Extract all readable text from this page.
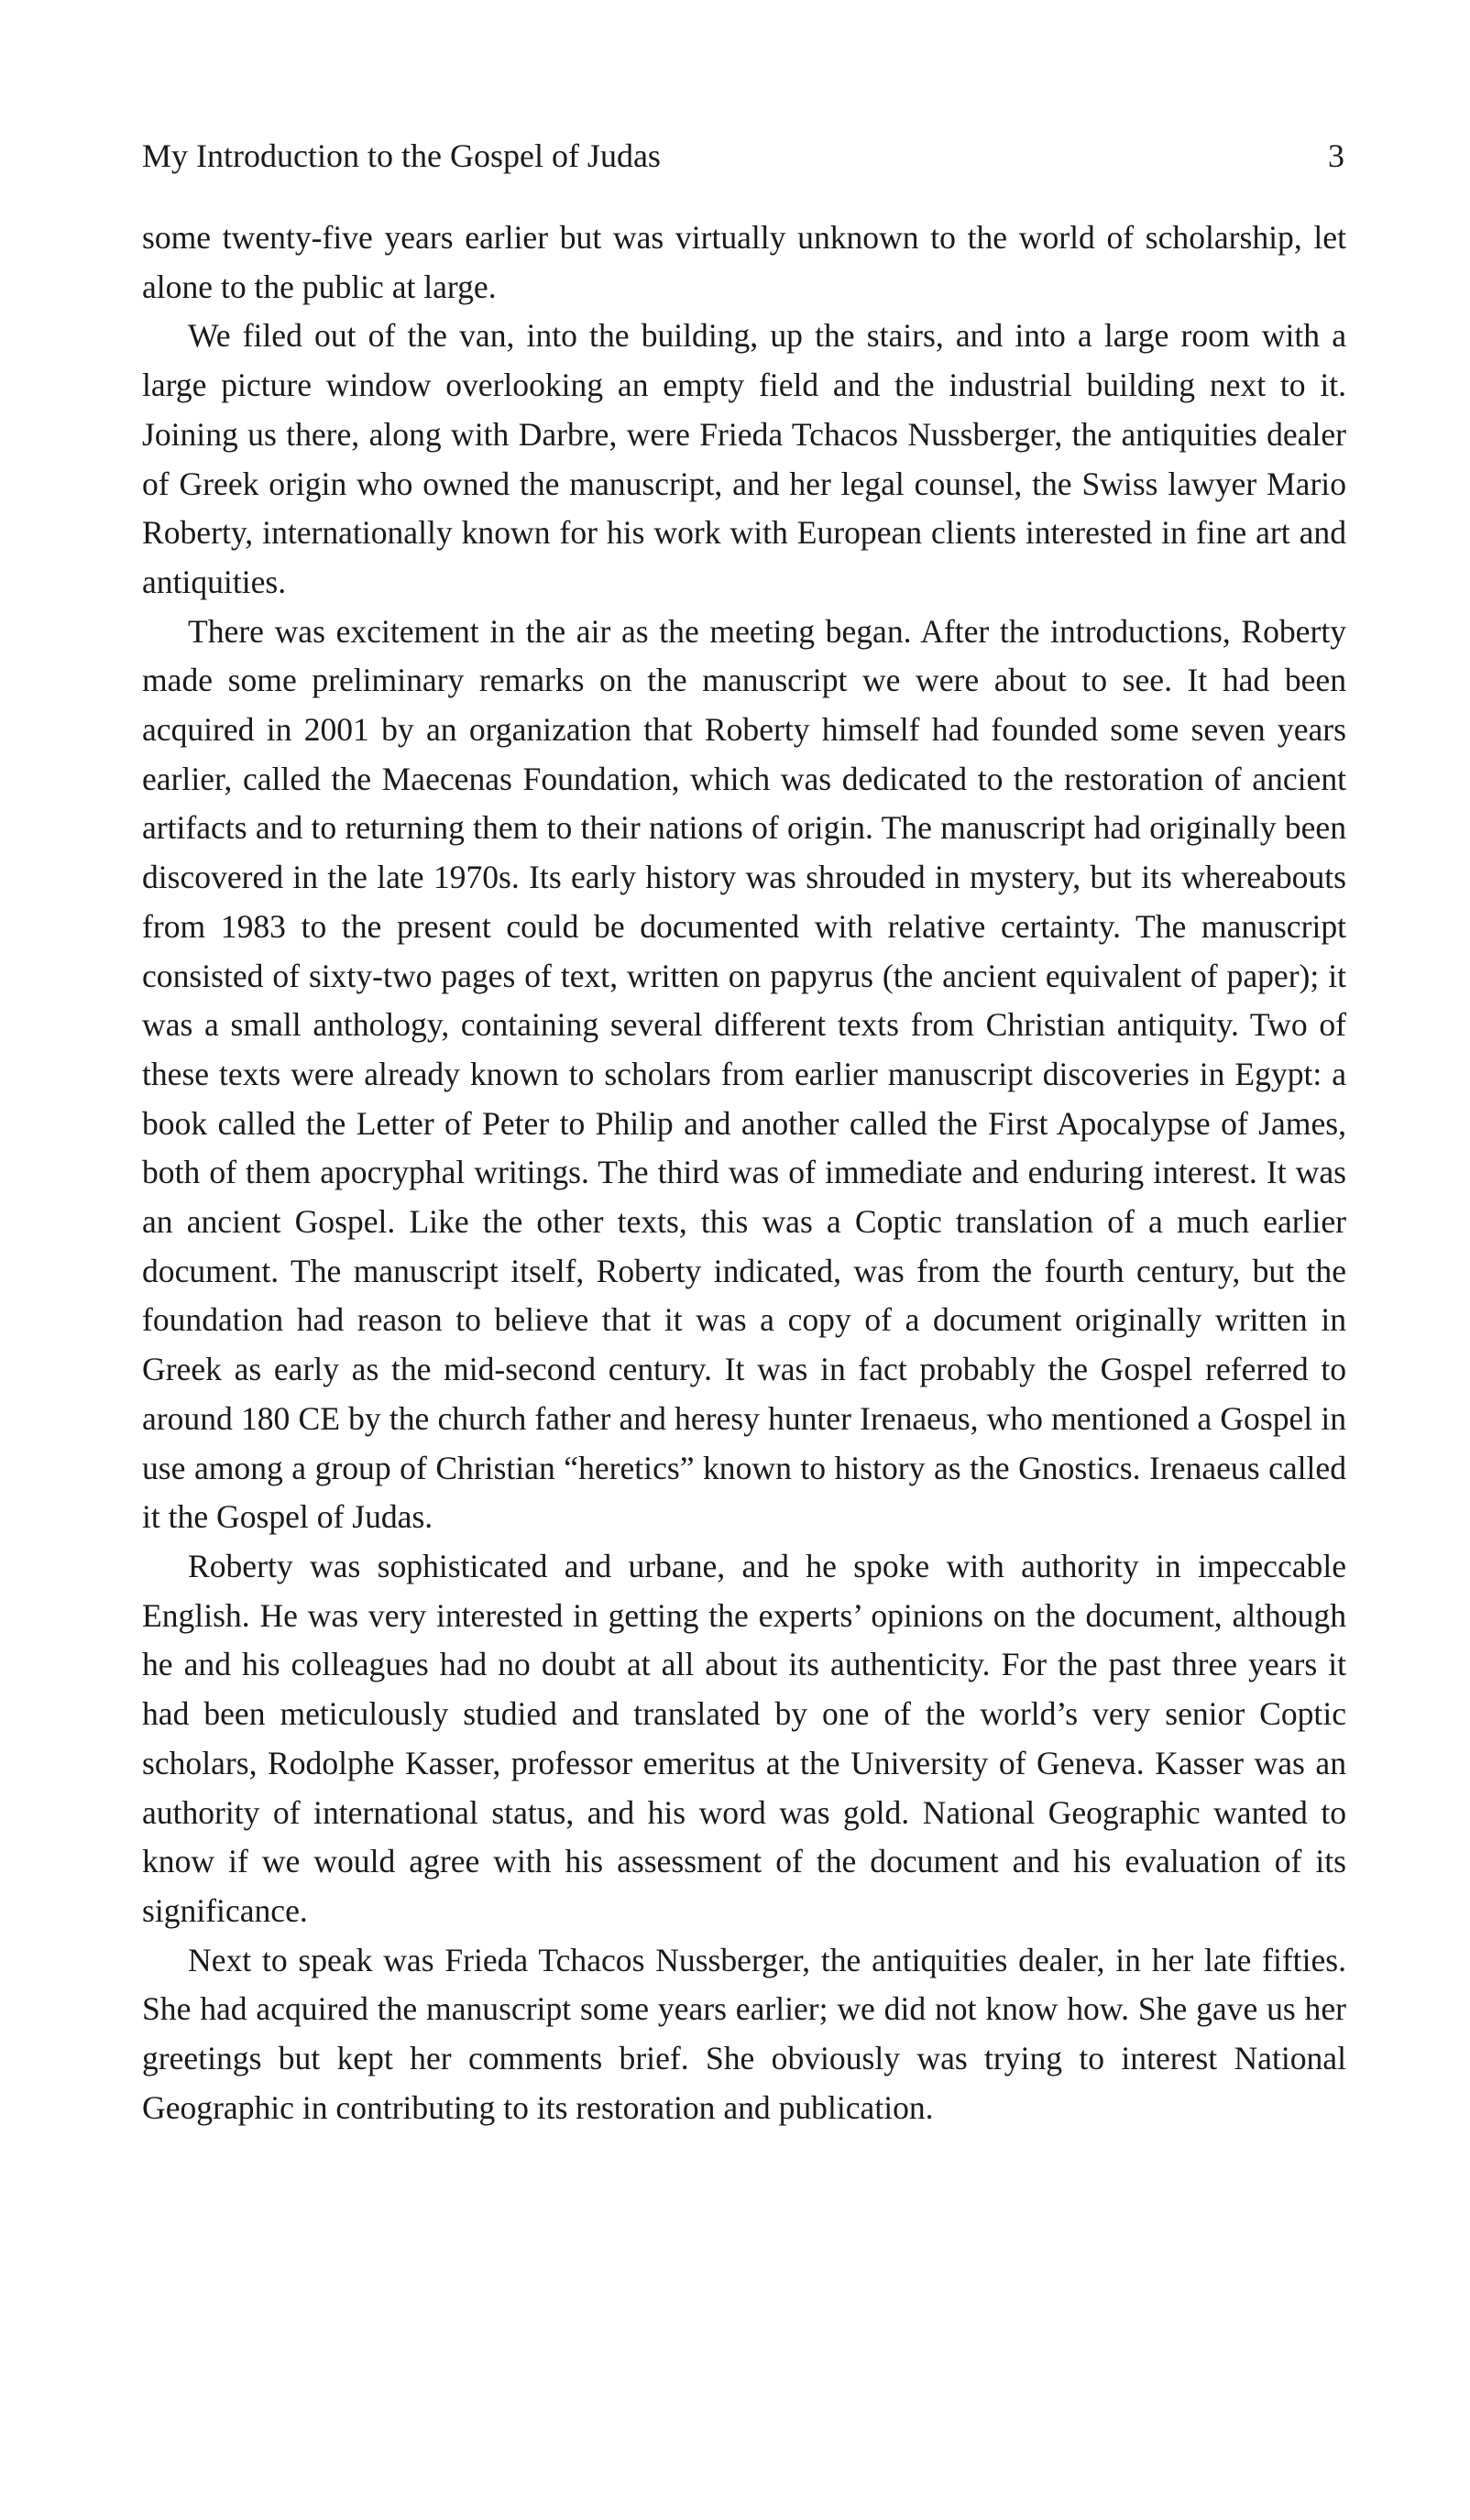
My Introduction to the Gospel of Judas	3

some twenty-five years earlier but was virtually unknown to the world of scholarship, let alone to the public at large.

We filed out of the van, into the building, up the stairs, and into a large room with a large picture window overlooking an empty field and the industrial building next to it. Joining us there, along with Darbre, were Frieda Tchacos Nussberger, the antiquities dealer of Greek origin who owned the manuscript, and her legal counsel, the Swiss lawyer Mario Roberty, internationally known for his work with European clients interested in fine art and antiquities.

There was excitement in the air as the meeting began. After the introductions, Roberty made some preliminary remarks on the manuscript we were about to see. It had been acquired in 2001 by an organization that Roberty himself had founded some seven years earlier, called the Maecenas Foundation, which was dedicated to the restoration of ancient artifacts and to returning them to their nations of origin. The manuscript had originally been discovered in the late 1970s. Its early history was shrouded in mystery, but its whereabouts from 1983 to the present could be documented with relative certainty. The manuscript consisted of sixty-two pages of text, written on papyrus (the ancient equivalent of paper); it was a small anthology, containing several different texts from Christian antiquity. Two of these texts were already known to scholars from earlier manuscript discoveries in Egypt: a book called the Letter of Peter to Philip and another called the First Apocalypse of James, both of them apocryphal writings. The third was of immediate and enduring interest. It was an ancient Gospel. Like the other texts, this was a Coptic translation of a much earlier document. The manuscript itself, Roberty indicated, was from the fourth century, but the foundation had reason to believe that it was a copy of a document originally written in Greek as early as the mid-second century. It was in fact probably the Gospel referred to around 180 CE by the church father and heresy hunter Irenaeus, who mentioned a Gospel in use among a group of Christian “heretics” known to history as the Gnostics. Irenaeus called it the Gospel of Judas.

Roberty was sophisticated and urbane, and he spoke with authority in impeccable English. He was very interested in getting the experts’ opinions on the document, although he and his colleagues had no doubt at all about its authenticity. For the past three years it had been meticulously studied and translated by one of the world’s very senior Coptic scholars, Rodolphe Kasser, professor emeritus at the University of Geneva. Kasser was an authority of international status, and his word was gold. National Geographic wanted to know if we would agree with his assessment of the document and his evaluation of its significance.

Next to speak was Frieda Tchacos Nussberger, the antiquities dealer, in her late fifties. She had acquired the manuscript some years earlier; we did not know how. She gave us her greetings but kept her comments brief. She obviously was trying to interest National Geographic in contributing to its restoration and publication.
